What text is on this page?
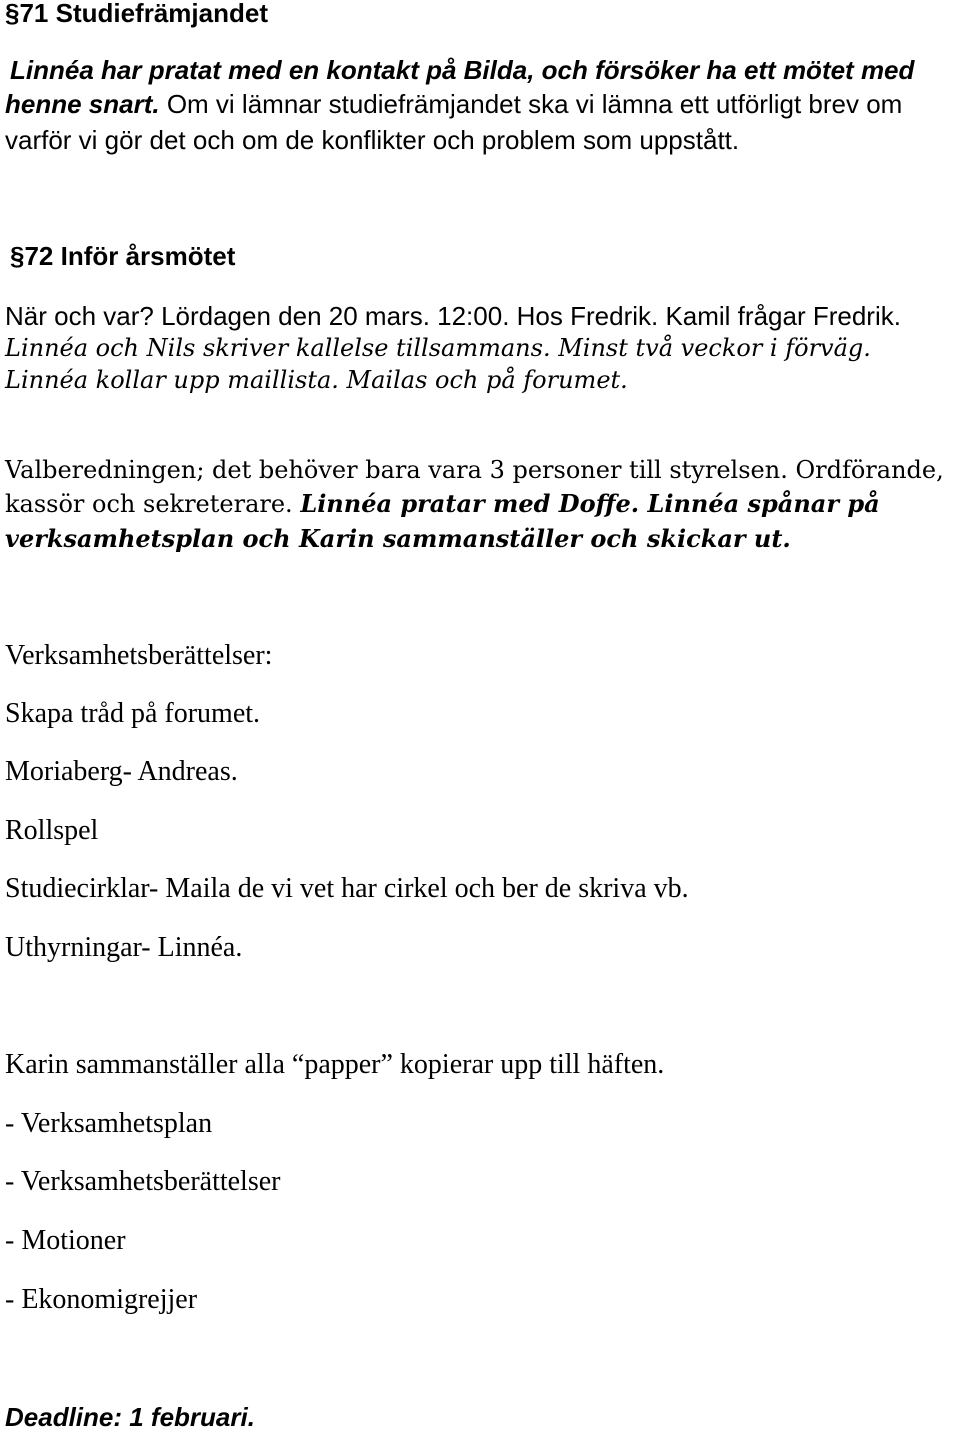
§71 Studiefrämjandet
Linnéa har pratat med en kontakt på Bilda, och försöker ha ett mötet med
henne snart. Om vi lämnar studiefrämjandet ska vi lämna ett utförligt brev om
varför vi gör det och om de konflikter och problem som uppstått.
§72 Inför årsmötet
När och var? Lördagen den 20 mars. 12:00. Hos Fredrik. Kamil frågar Fredrik.
Linnéa och Nils skriver kallelse tillsammans. Minst två veckor i förväg.
Linnéa kollar upp maillista. Mailas och på forumet.
Valberedningen; det behöver bara vara 3 personer till styrelsen. Ordförande,
kassör och sekreterare. Linnéa pratar med Doffe. Linnéa spånar på
verksamhetsplan och Karin sammanställer och skickar ut.
Verksamhetsberättelser:
Skapa tråd på forumet.
Moriaberg- Andreas.
Rollspel
Studiecirklar- Maila de vi vet har cirkel och ber de skriva vb.
Uthyrningar- Linnéa.
Karin sammanställer alla “papper” kopierar upp till häften.
- Verksamhetsplan
- Verksamhetsberättelser
- Motioner
- Ekonomigrejjer
Deadline: 1 februari.
